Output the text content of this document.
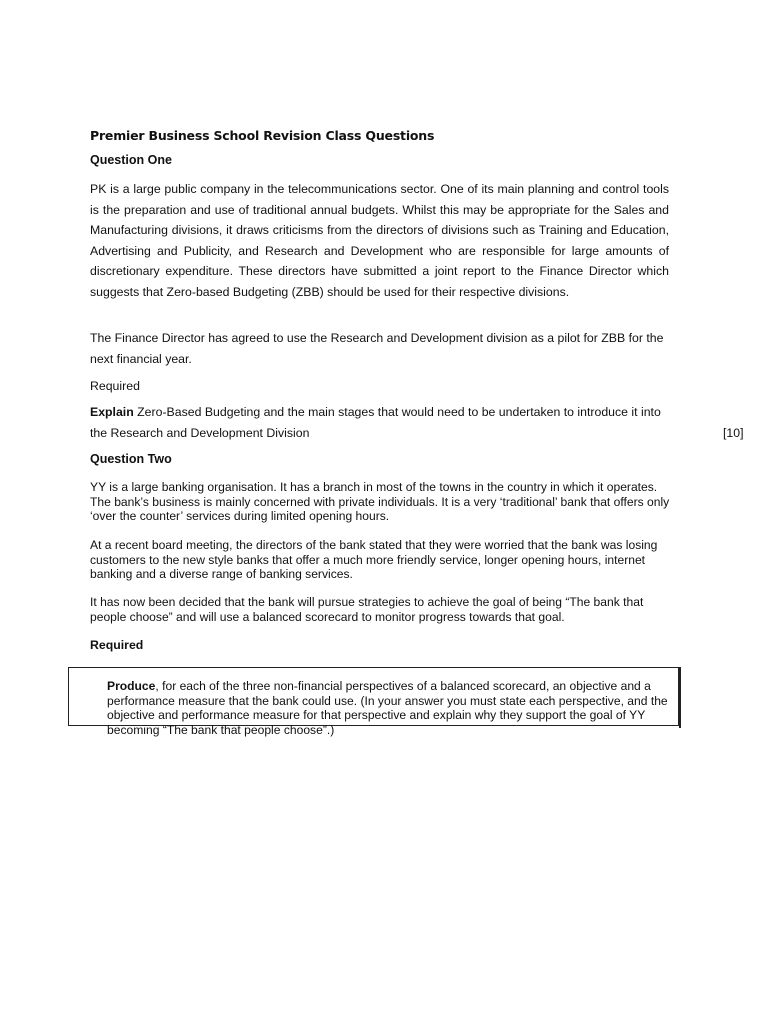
Premier Business School Revision Class Questions

Question One

PK is a large public company in the telecommunications sector. One of its main planning and control tools is the preparation and use of traditional annual budgets. Whilst this may be appropriate for the Sales and Manufacturing divisions, it draws criticisms from the directors of divisions such as Training and Education, Advertising and Publicity, and Research and Development who are responsible for large amounts of discretionary expenditure. These directors have submitted a joint report to the Finance Director which suggests that Zero-based Budgeting (ZBB) should be used for their respective divisions.

The Finance Director has agreed to use the Research and Development division as a pilot for ZBB for the next financial year.

Required

Explain Zero-Based Budgeting and the main stages that would need to be undertaken to introduce it into
the Research and Development Division	[10]

Question Two

YY is a large banking organisation. It has a branch in most of the towns in the country in which it operates. The bank’s business is mainly concerned with private individuals. It is a very ‘traditional’ bank that offers only ‘over the counter’ services during limited opening hours.

At a recent board meeting, the directors of the bank stated that they were worried that the bank was losing customers to the new style banks that offer a much more friendly service, longer opening hours, internet banking and a diverse range of banking services.

It has now been decided that the bank will pursue strategies to achieve the goal of being “The bank that people choose” and will use a balanced scorecard to monitor progress towards that goal.

Required

Produce, for each of the three non-financial perspectives of a balanced scorecard, an objective and a performance measure that the bank could use. (In your answer you must state each perspective, and the objective and performance measure for that perspective and explain why they support the goal of YY becoming “The bank that people choose”.)
